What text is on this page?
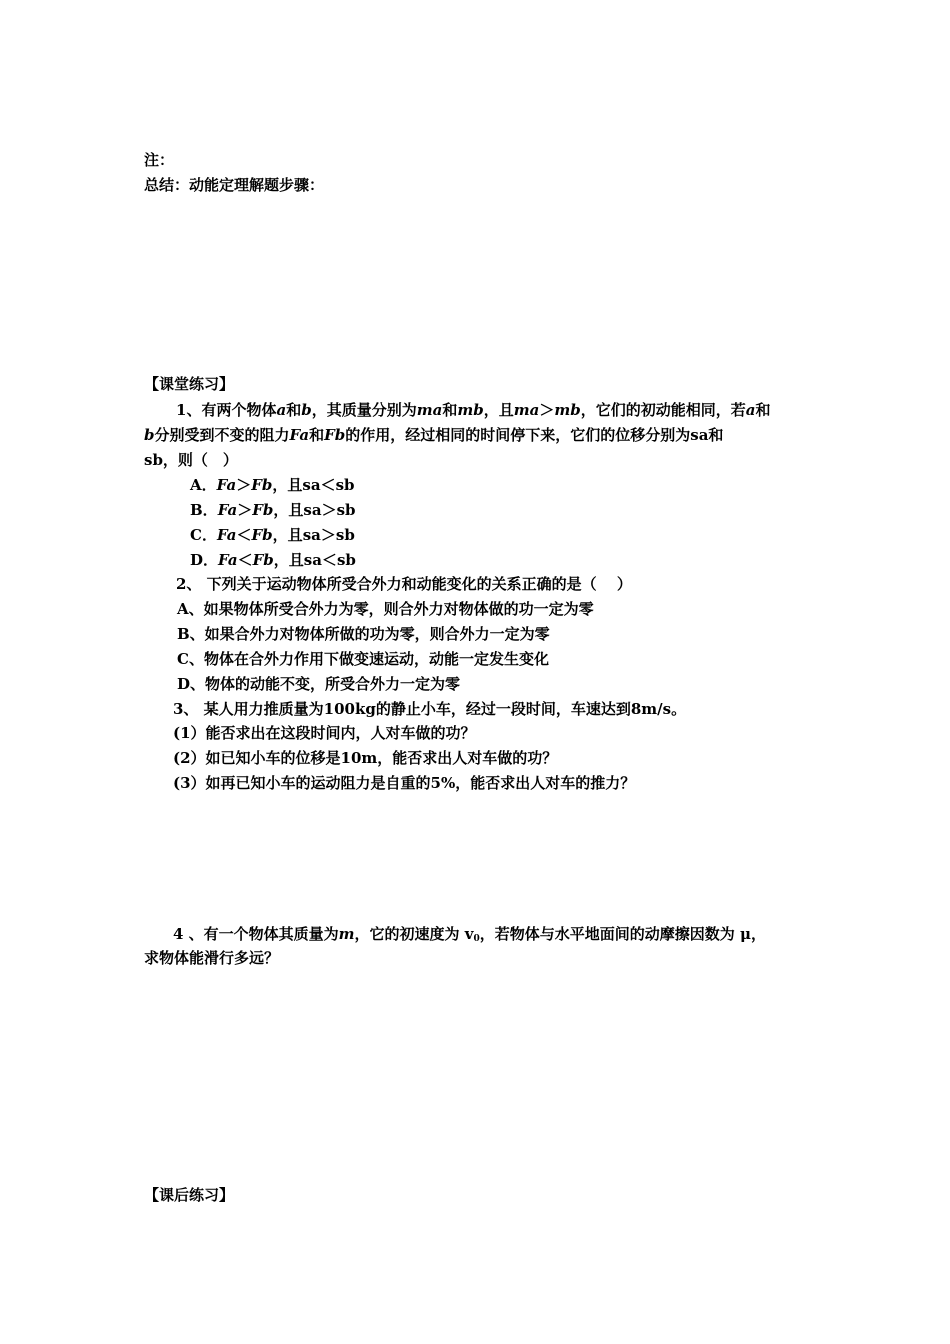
注：
总结：动能定理解题步骤：
【课堂练习】
1、有两个物体a和b，其质量分别为ma和mb，且ma＞mb，它们的初动能相同，若a和
b分别受到不变的阻力Fa和Fb的作用，经过相同的时间停下来，它们的位移分别为sa和
sb，则（　）
A．Fa＞Fb，且sa＜sb
B．Fa＞Fb，且sa＞sb
C．Fa＜Fb，且sa＞sb
D．Fa＜Fb，且sa＜sb
2、 下列关于运动物体所受合外力和动能变化的关系正确的是（　 ）
A、如果物体所受合外力为零，则合外力对物体做的功一定为零
B、如果合外力对物体所做的功为零，则合外力一定为零
C、物体在合外力作用下做变速运动，动能一定发生变化
D、物体的动能不变，所受合外力一定为零
3、 某人用力推质量为100kg的静止小车，经过一段时间，车速达到8m/s。
(1）能否求出在这段时间内，人对车做的功？
(2）如已知小车的位移是10m，能否求出人对车做的功？
(3）如再已知小车的运动阻力是自重的5%，能否求出人对车的推力？
4 、有一个物体其质量为m，它的初速度为 $v_0$，若物体与水平地面间的动摩擦因数为 μ，
求物体能滑行多远？
【课后练习】
